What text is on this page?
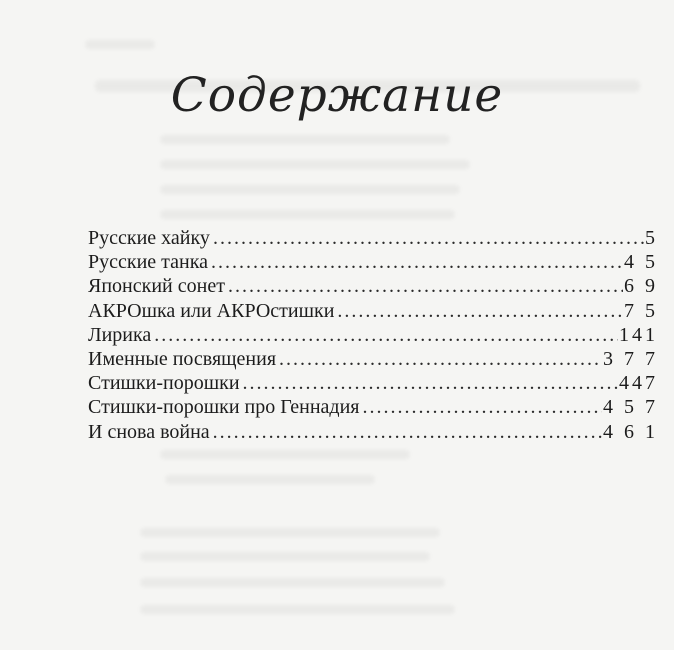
Содержание
Русские хайку .....	5
Русские танка .....	4 5
Японский сонет .....	6 9
АКРОшка или АКРОстишки .....	7 5
Лирика .....	141
Именные посвящения .....	3 7 7
Стишки-порошки .....	447
Стишки-порошки про Геннадия .....	4 5 7
И снова война .....	4 6 1
